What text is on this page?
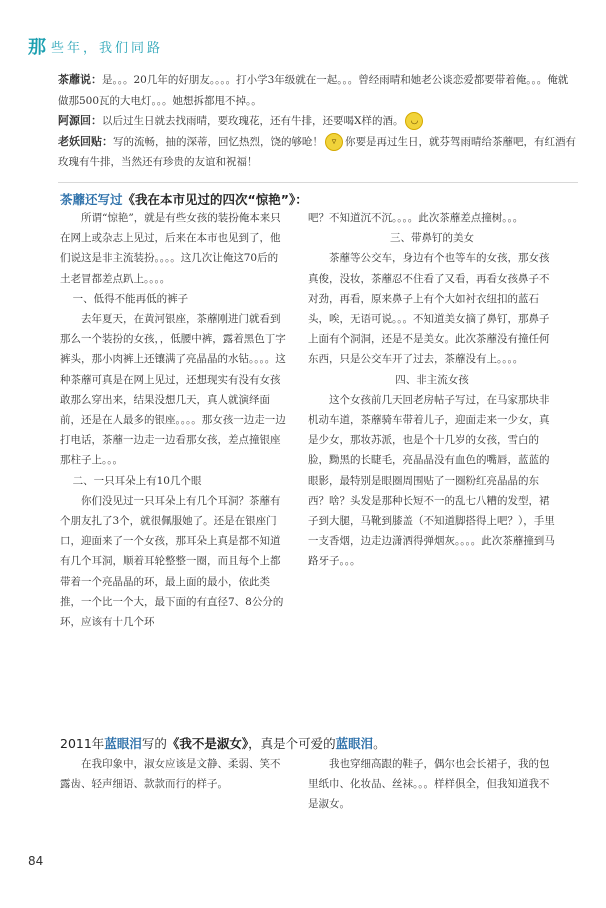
那 些年，我们同路

茶蘼说：是。。。20几年的好朋友。。。。打小学3年级就在一起。。。曾经雨晴和她老公谈恋爱都要带着俺。。。俺就做那500瓦的大电灯。。。她想拆都甩不掉。。

阿源回：以后过生日就去找雨晴，要玫瑰花，还有牛排，还要喝X样的酒。 ◡

老妖回贴：写的流畅，抽的深蒂，回忆热烈，饶的够呛！ ▿ 你要是再过生日，就芬驾雨晴给茶蘼吧，有红酒有玫瑰有牛排，当然还有珍贵的友谊和祝福！

茶蘼还写过《我在本市见过的四次“惊艳”》：

所谓“惊艳”，就是有些女孩的装扮俺本来只在网上或杂志上见过，后来在本市也见到了，他们说这是非主流装扮。。。。这几次让俺这70后的土老冒都差点趴上。。。。

一、低得不能再低的裤子

去年夏天，在黄河银座，茶蘼刚进门就看到那么一个装扮的女孩，，低腰中裤，露着黑色丁字裤头，那小肉裤上还镶满了亮晶晶的水钻。。。。这种茶蘼可真是在网上见过，还想现实有没有女孩敢那么穿出来，结果没想几天，真人就演绎面前，还是在人最多的银座。。。。那女孩一边走一边打电话，茶蘼一边走一边看那女孩，差点撞银座那柱子上。。。

二、一只耳朵上有10几个眼

你们没见过一只耳朵上有几个耳洞？茶蘼有个朋友扎了3个，就很佩服她了。还是在银座门口，迎面来了一个女孩，那耳朵上真是都不知道有几个耳洞，顺着耳轮整整一圈，而且每个上都带着一个亮晶晶的环，最上面的最小，依此类推，一个比一个大，最下面的有直径7、8公分的环，应该有十几个环

吧？不知道沉不沉。。。。此次茶蘼差点撞树。。。

三、带鼻钉的美女

茶蘼等公交车，身边有个也等车的女孩，那女孩真俊，没妆，茶蘼忍不住看了又看，再看女孩鼻子不对劲，再看，原来鼻子上有个大如衬衣纽扣的蓝石头，唉，无语可说。。。不知道美女摘了鼻钉，那鼻子上面有个洞洞，还是不是美女。此次茶蘼没有撞任何东西，只是公交车开了过去，茶蘼没有上。。。。

四、非主流女孩

这个女孩前几天回老房帖子写过，在马家那块非机动车道，茶蘼骑车带着儿子，迎面走来一少女，真是少女，那妆苏派，也是个十几岁的女孩，雪白的脸，黝黑的长睫毛，亮晶晶没有血色的嘴唇，蓝蓝的眼影，最特别是眼圈周围贴了一圈粉红亮晶晶的东西？啥？头发是那种长短不一的乱七八糟的发型，裙子到大腿，马靴到膝盖（不知道脚搭得上吧？），手里一支香烟，边走边潇洒得弹烟灰。。。。此次茶蘼撞到马路牙子。。。

2011年蓝眼泪写的《我不是淑女》，真是个可爱的蓝眼泪。

在我印象中，淑女应该是文静、柔弱、笑不露齿、轻声细语、款款而行的样子。

我也穿细高跟的鞋子，偶尔也会长裙子，我的包里纸巾、化妆品、丝袜。。。样样俱全，但我知道我不是淑女。

84
